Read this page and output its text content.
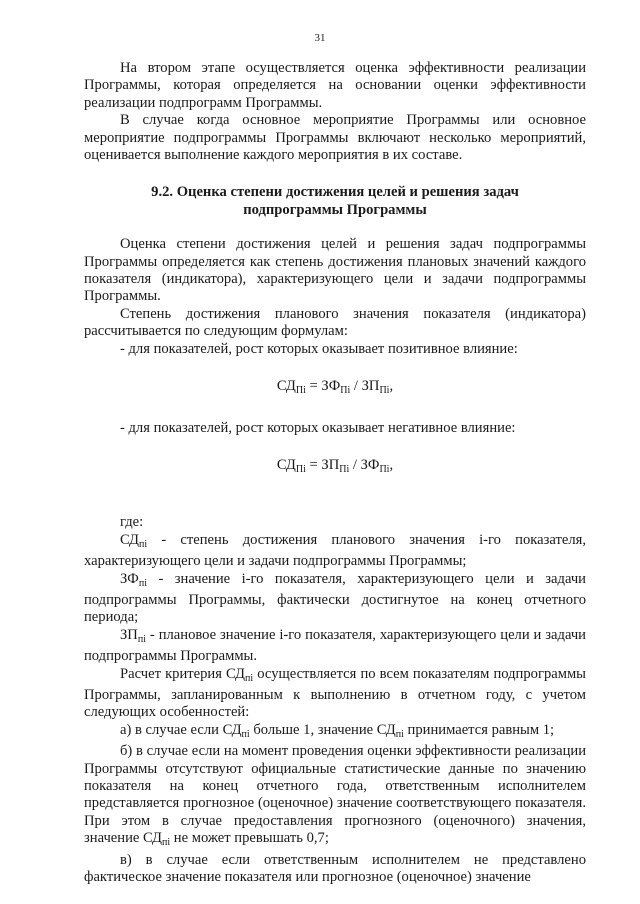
31

На втором этапе осуществляется оценка эффективности реализации Программы, которая определяется на основании оценки эффективности реализации подпрограмм Программы.

В случае когда основное мероприятие Программы или основное мероприятие подпрограммы Программы включают несколько мероприятий, оценивается выполнение каждого мероприятия в их составе.

9.2. Оценка степени достижения целей и решения задач
подпрограммы Программы

Оценка степени достижения целей и решения задач подпрограммы Программы определяется как степень достижения плановых значений каждого показателя (индикатора), характеризующего цели и задачи подпрограммы Программы.

Степень достижения планового значения показателя (индикатора) рассчитывается по следующим формулам:

- для показателей, рост которых оказывает позитивное влияние:

$СД_{Пi} = ЗФ_{Пi} / ЗП_{Пi}$,

- для показателей, рост которых оказывает негативное влияние:

$СД_{Пi} = ЗП_{Пi} / ЗФ_{Пi}$,

где:

$СД_{пi}$ - степень достижения планового значения i-го показателя, характеризующего цели и задачи подпрограммы Программы;

$ЗФ_{пi}$ - значение i-го показателя, характеризующего цели и задачи подпрограммы Программы, фактически достигнутое на конец отчетного периода;

$ЗП_{пi}$ - плановое значение i-го показателя, характеризующего цели и задачи подпрограммы Программы.

Расчет критерия $СД_{пi}$ осуществляется по всем показателям подпрограммы Программы, запланированным к выполнению в отчетном году, с учетом следующих особенностей:

а) в случае если $СД_{пi}$ больше 1, значение $СД_{пi}$ принимается равным 1;

б) в случае если на момент проведения оценки эффективности реализации Программы отсутствуют официальные статистические данные по значению показателя на конец отчетного года, ответственным исполнителем представляется прогнозное (оценочное) значение соответствующего показателя. При этом в случае предоставления прогнозного (оценочного) значения, значение $СД_{пi}$ не может превышать 0,7;

в) в случае если ответственным исполнителем не представлено фактическое значение показателя или прогнозное (оценочное) значение
